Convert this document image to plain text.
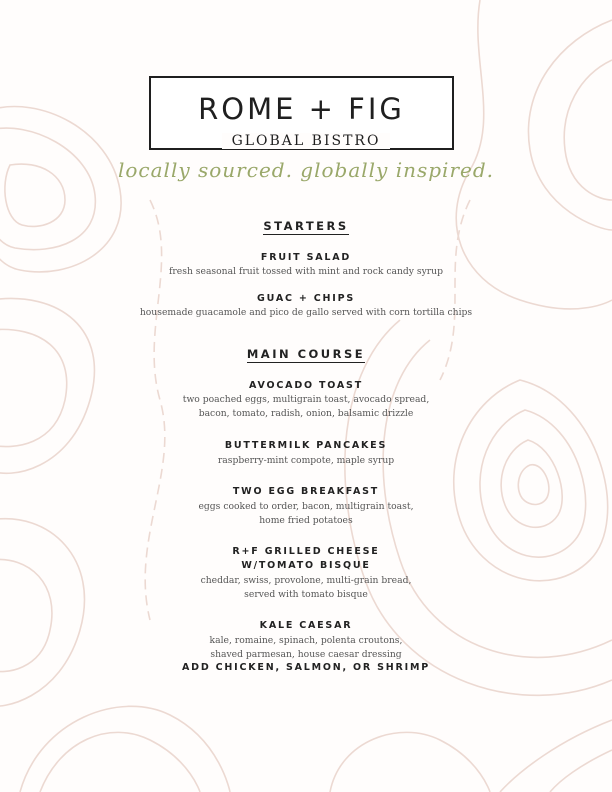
ROME + FIG
GLOBAL BISTRO
locally sourced. globally inspired.
STARTERS
FRUIT SALAD
fresh seasonal fruit tossed with mint and rock candy syrup
GUAC + CHIPS
housemade guacamole and pico de gallo served with corn tortilla chips
MAIN COURSE
AVOCADO TOAST
two poached eggs, multigrain toast, avocado spread,
bacon, tomato, radish, onion, balsamic drizzle
BUTTERMILK PANCAKES
raspberry-mint compote, maple syrup
TWO EGG BREAKFAST
eggs cooked to order, bacon, multigrain toast,
home fried potatoes
R+F GRILLED CHEESE
W/TOMATO BISQUE
cheddar, swiss, provolone, multi-grain bread,
served with tomato bisque
KALE CAESAR
kale, romaine, spinach, polenta croutons,
shaved parmesan, house caesar dressing
ADD CHICKEN, SALMON, OR SHRIMP
